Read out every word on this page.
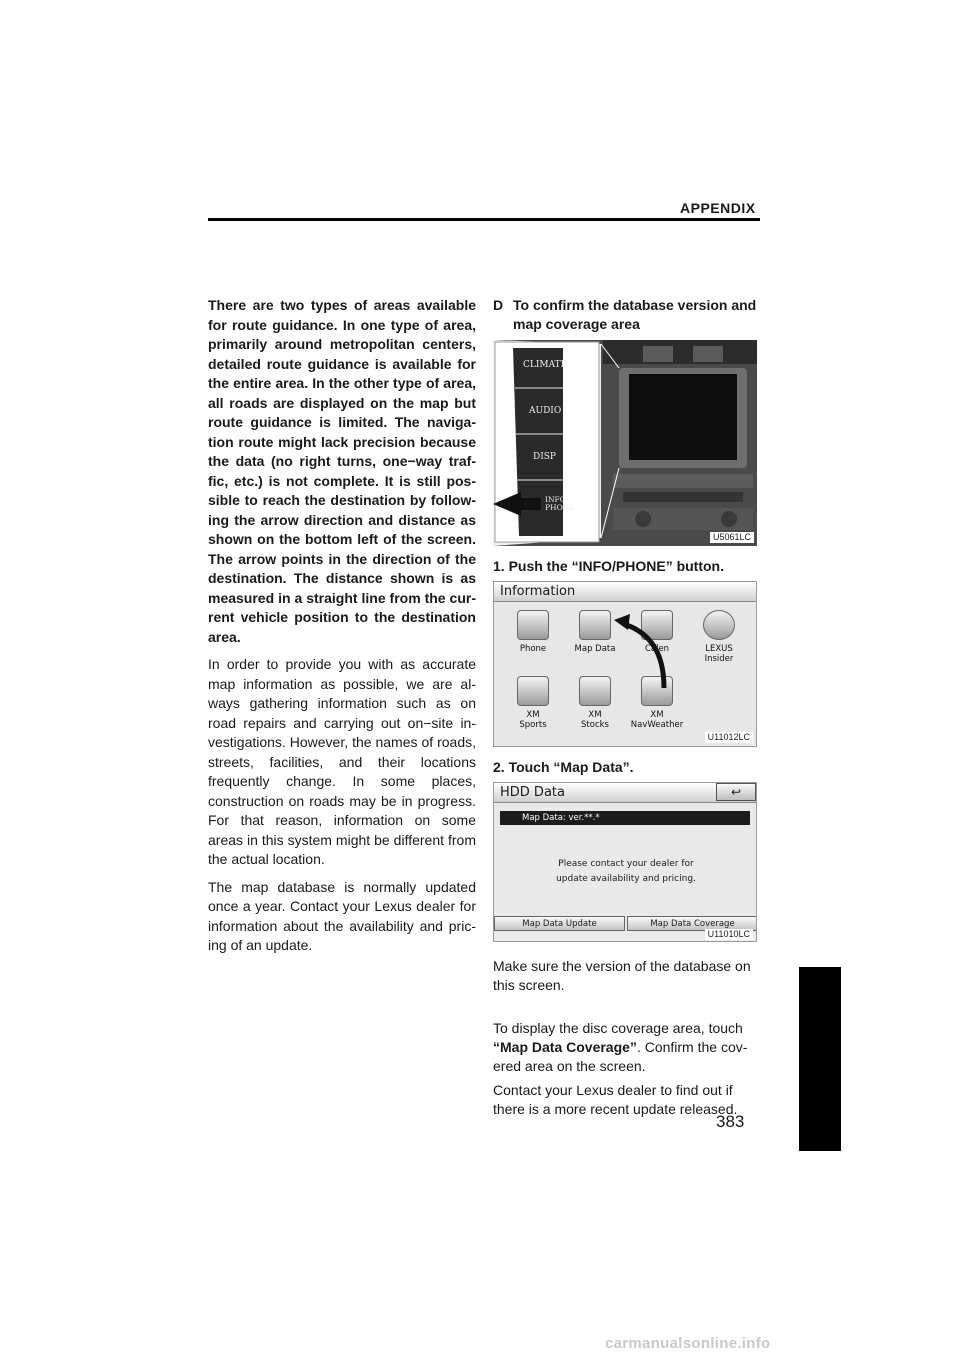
APPENDIX

There are two types of areas available for route guidance. In one type of area, primarily around metropolitan centers, detailed route guidance is available for the entire area. In the other type of area, all roads are displayed on the map but route guidance is limited. The naviga-tion route might lack precision because the data (no right turns, one−way traf-fic, etc.) is not complete. It is still pos-sible to reach the destination by follow-ing the arrow direction and distance as shown on the bottom left of the screen. The arrow points in the direction of the destination. The distance shown is as measured in a straight line from the cur-rent vehicle position to the destination area.

In order to provide you with as accurate map information as possible, we are al-ways gathering information such as on road repairs and carrying out on−site in-vestigations. However, the names of roads, streets, facilities, and their locations frequently change. In some places, construction on roads may be in progress. For that reason, information on some areas in this system might be different from the actual location.

The map database is normally updated once a year. Contact your Lexus dealer for information about the availability and pric-ing of an update.

D To confirm the database version and map coverage area
CLIMATE
AUDIO
DISP
INFO
PHONE
U5061LC
1. Push the “INFO/PHONE” button.
Information
Phone	Map Data	Calen	LEXUS
Insider
XM
Sports
XM
Stocks
XM
NavWeather
U11012LC
2. Touch “Map Data”.
HDD Data	↩
Map Data: ver.**.*
Please contact your dealer for
update availability and pricing.
Map Data Update	Map Data Coverage
U11010LC
Make sure the version of the database on this screen.
To display the disc coverage area, touch “Map Data Coverage”. Confirm the cov-ered area on the screen.
Contact your Lexus dealer to find out if there is a more recent update released.
383
carmanualsonline.info
